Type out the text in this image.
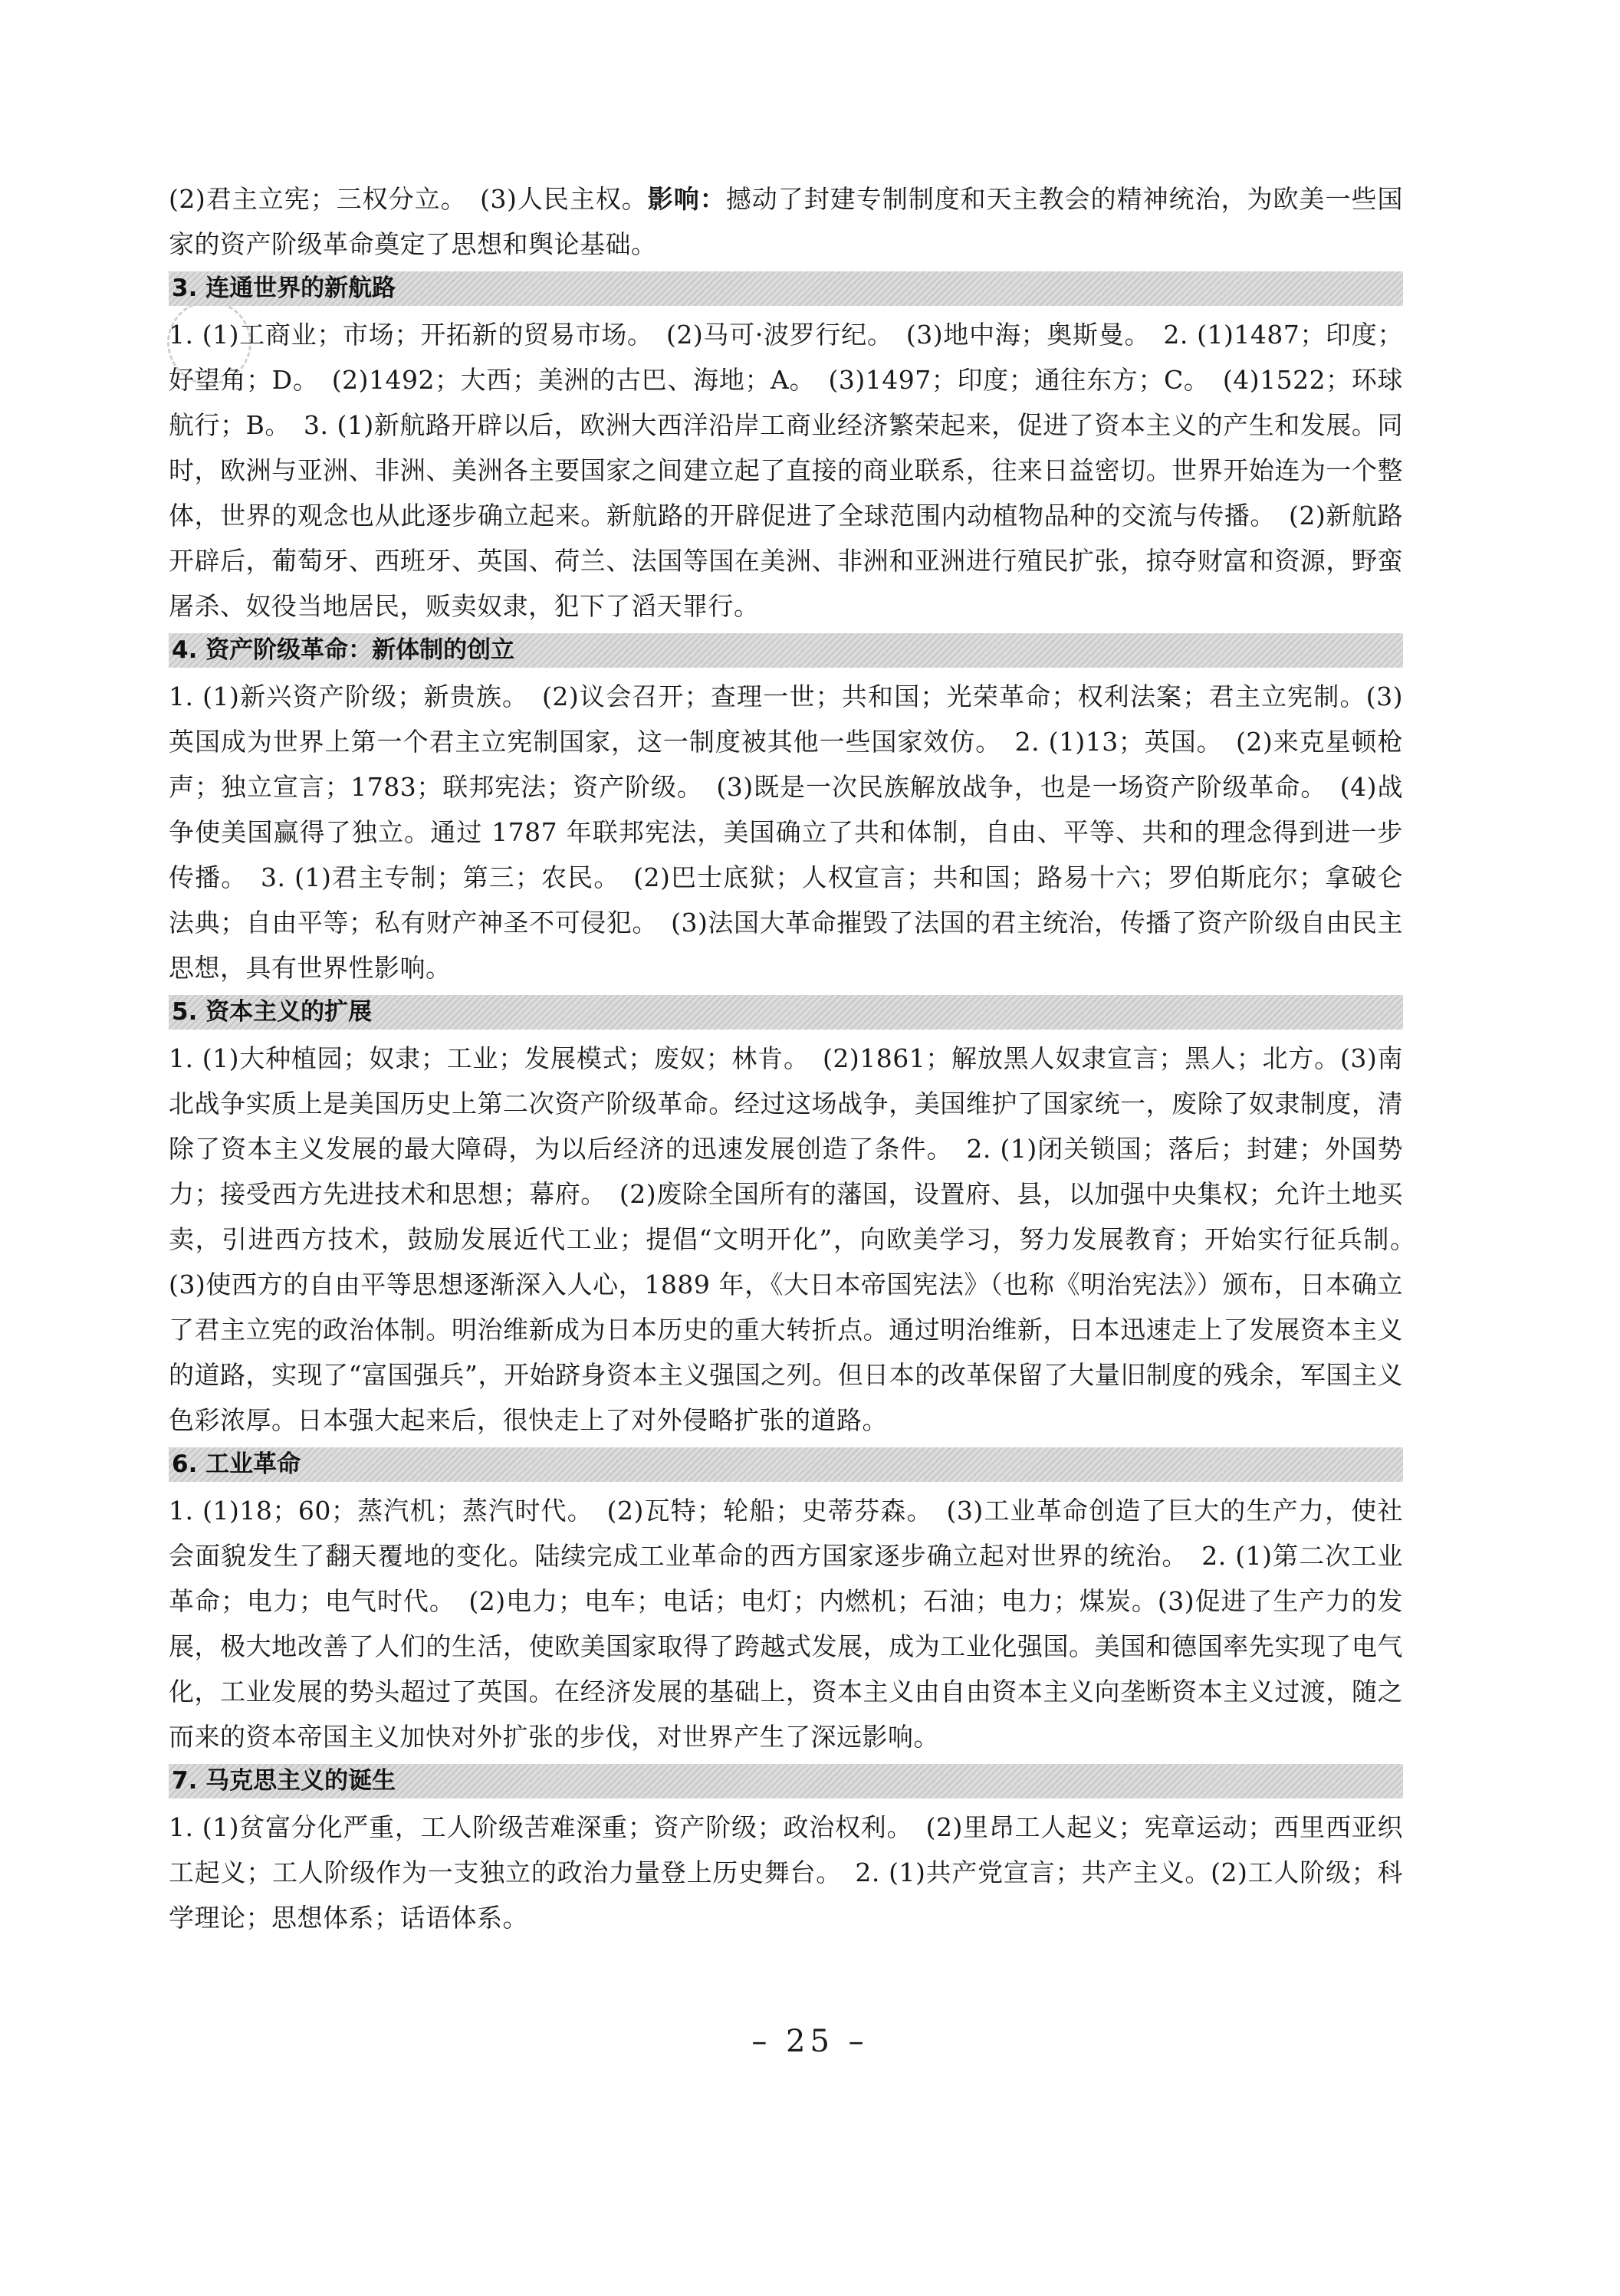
(2)君主立宪；三权分立。　(3)人民主权。影响：撼动了封建专制制度和天主教会的精神统治，为欧美一些国家的资产阶级革命奠定了思想和舆论基础。

3. 连通世界的新航路

1. (1)工商业；市场；开拓新的贸易市场。　(2)马可·波罗行纪。　(3)地中海；奥斯曼。　2. (1)1487；印度；好望角；D。　(2)1492；大西；美洲的古巴、海地；A。　(3)1497；印度；通往东方；C。　(4)1522；环球航行；B。　3. (1)新航路开辟以后，欧洲大西洋沿岸工商业经济繁荣起来，促进了资本主义的产生和发展。同时，欧洲与亚洲、非洲、美洲各主要国家之间建立起了直接的商业联系，往来日益密切。世界开始连为一个整体，世界的观念也从此逐步确立起来。新航路的开辟促进了全球范围内动植物品种的交流与传播。　(2)新航路开辟后，葡萄牙、西班牙、英国、荷兰、法国等国在美洲、非洲和亚洲进行殖民扩张，掠夺财富和资源，野蛮屠杀、奴役当地居民，贩卖奴隶，犯下了滔天罪行。

4. 资产阶级革命：新体制的创立

1. (1)新兴资产阶级；新贵族。　(2)议会召开；查理一世；共和国；光荣革命；权利法案；君主立宪制。(3)英国成为世界上第一个君主立宪制国家，这一制度被其他一些国家效仿。　2. (1)13；英国。　(2)来克星顿枪声；独立宣言；1783；联邦宪法；资产阶级。　(3)既是一次民族解放战争，也是一场资产阶级革命。　(4)战争使美国赢得了独立。通过 1787 年联邦宪法，美国确立了共和体制，自由、平等、共和的理念得到进一步传播。　3. (1)君主专制；第三；农民。　(2)巴士底狱；人权宣言；共和国；路易十六；罗伯斯庇尔；拿破仑法典；自由平等；私有财产神圣不可侵犯。　(3)法国大革命摧毁了法国的君主统治，传播了资产阶级自由民主思想，具有世界性影响。

5. 资本主义的扩展

1. (1)大种植园；奴隶；工业；发展模式；废奴；林肯。　(2)1861；解放黑人奴隶宣言；黑人；北方。(3)南北战争实质上是美国历史上第二次资产阶级革命。经过这场战争，美国维护了国家统一，废除了奴隶制度，清除了资本主义发展的最大障碍，为以后经济的迅速发展创造了条件。　2. (1)闭关锁国；落后；封建；外国势力；接受西方先进技术和思想；幕府。　(2)废除全国所有的藩国，设置府、县，以加强中央集权；允许土地买卖，引进西方技术，鼓励发展近代工业；提倡“文明开化”，向欧美学习，努力发展教育；开始实行征兵制。　(3)使西方的自由平等思想逐渐深入人心，1889 年，《大日本帝国宪法》（也称《明治宪法》）颁布，日本确立了君主立宪的政治体制。明治维新成为日本历史的重大转折点。通过明治维新，日本迅速走上了发展资本主义的道路，实现了“富国强兵”，开始跻身资本主义强国之列。但日本的改革保留了大量旧制度的残余，军国主义色彩浓厚。日本强大起来后，很快走上了对外侵略扩张的道路。

6. 工业革命

1. (1)18；60；蒸汽机；蒸汽时代。　(2)瓦特；轮船；史蒂芬森。　(3)工业革命创造了巨大的生产力，使社会面貌发生了翻天覆地的变化。陆续完成工业革命的西方国家逐步确立起对世界的统治。　2. (1)第二次工业革命；电力；电气时代。　(2)电力；电车；电话；电灯；内燃机；石油；电力；煤炭。(3)促进了生产力的发展，极大地改善了人们的生活，使欧美国家取得了跨越式发展，成为工业化强国。美国和德国率先实现了电气化，工业发展的势头超过了英国。在经济发展的基础上，资本主义由自由资本主义向垄断资本主义过渡，随之而来的资本帝国主义加快对外扩张的步伐，对世界产生了深远影响。

7. 马克思主义的诞生

1. (1)贫富分化严重，工人阶级苦难深重；资产阶级；政治权利。　(2)里昂工人起义；宪章运动；西里西亚织工起义；工人阶级作为一支独立的政治力量登上历史舞台。　2. (1)共产党宣言；共产主义。(2)工人阶级；科学理论；思想体系；话语体系。

– 25 –
